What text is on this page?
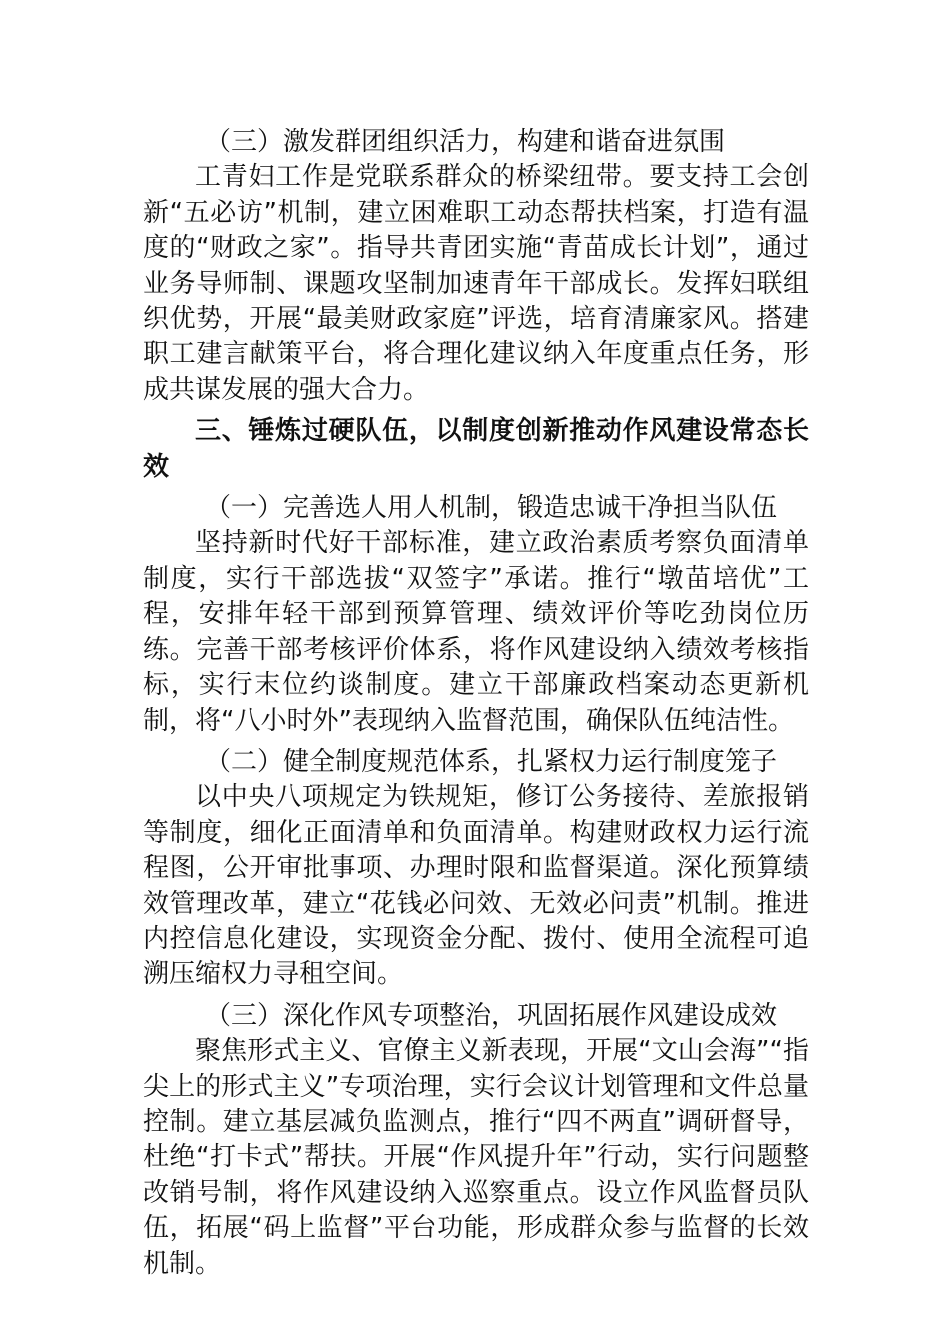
（三）激发群团组织活力，构建和谐奋进氛围

工青妇工作是党联系群众的桥梁纽带。要支持工会创新“五必访”机制，建立困难职工动态帮扶档案，打造有温度的“财政之家”。指导共青团实施“青苗成长计划”，通过业务导师制、课题攻坚制加速青年干部成长。发挥妇联组织优势，开展“最美财政家庭”评选，培育清廉家风。搭建职工建言献策平台，将合理化建议纳入年度重点任务，形成共谋发展的强大合力。

三、锤炼过硬队伍，以制度创新推动作风建设常态长效

（一）完善选人用人机制，锻造忠诚干净担当队伍

坚持新时代好干部标准，建立政治素质考察负面清单制度，实行干部选拔“双签字”承诺。推行“墩苗培优”工程，安排年轻干部到预算管理、绩效评价等吃劲岗位历练。完善干部考核评价体系，将作风建设纳入绩效考核指标，实行末位约谈制度。建立干部廉政档案动态更新机制，将“八小时外”表现纳入监督范围，确保队伍纯洁性。

（二）健全制度规范体系，扎紧权力运行制度笼子

以中央八项规定为铁规矩，修订公务接待、差旅报销等制度，细化正面清单和负面清单。构建财政权力运行流程图，公开审批事项、办理时限和监督渠道。深化预算绩效管理改革，建立“花钱必问效、无效必问责”机制。推进内控信息化建设，实现资金分配、拨付、使用全流程可追溯压缩权力寻租空间。

（三）深化作风专项整治，巩固拓展作风建设成效

聚焦形式主义、官僚主义新表现，开展“文山会海”“指尖上的形式主义”专项治理，实行会议计划管理和文件总量控制。建立基层减负监测点，推行“四不两直”调研督导，杜绝“打卡式”帮扶。开展“作风提升年”行动，实行问题整改销号制，将作风建设纳入巡察重点。设立作风监督员队伍，拓展“码上监督”平台功能，形成群众参与监督的长效机制。
